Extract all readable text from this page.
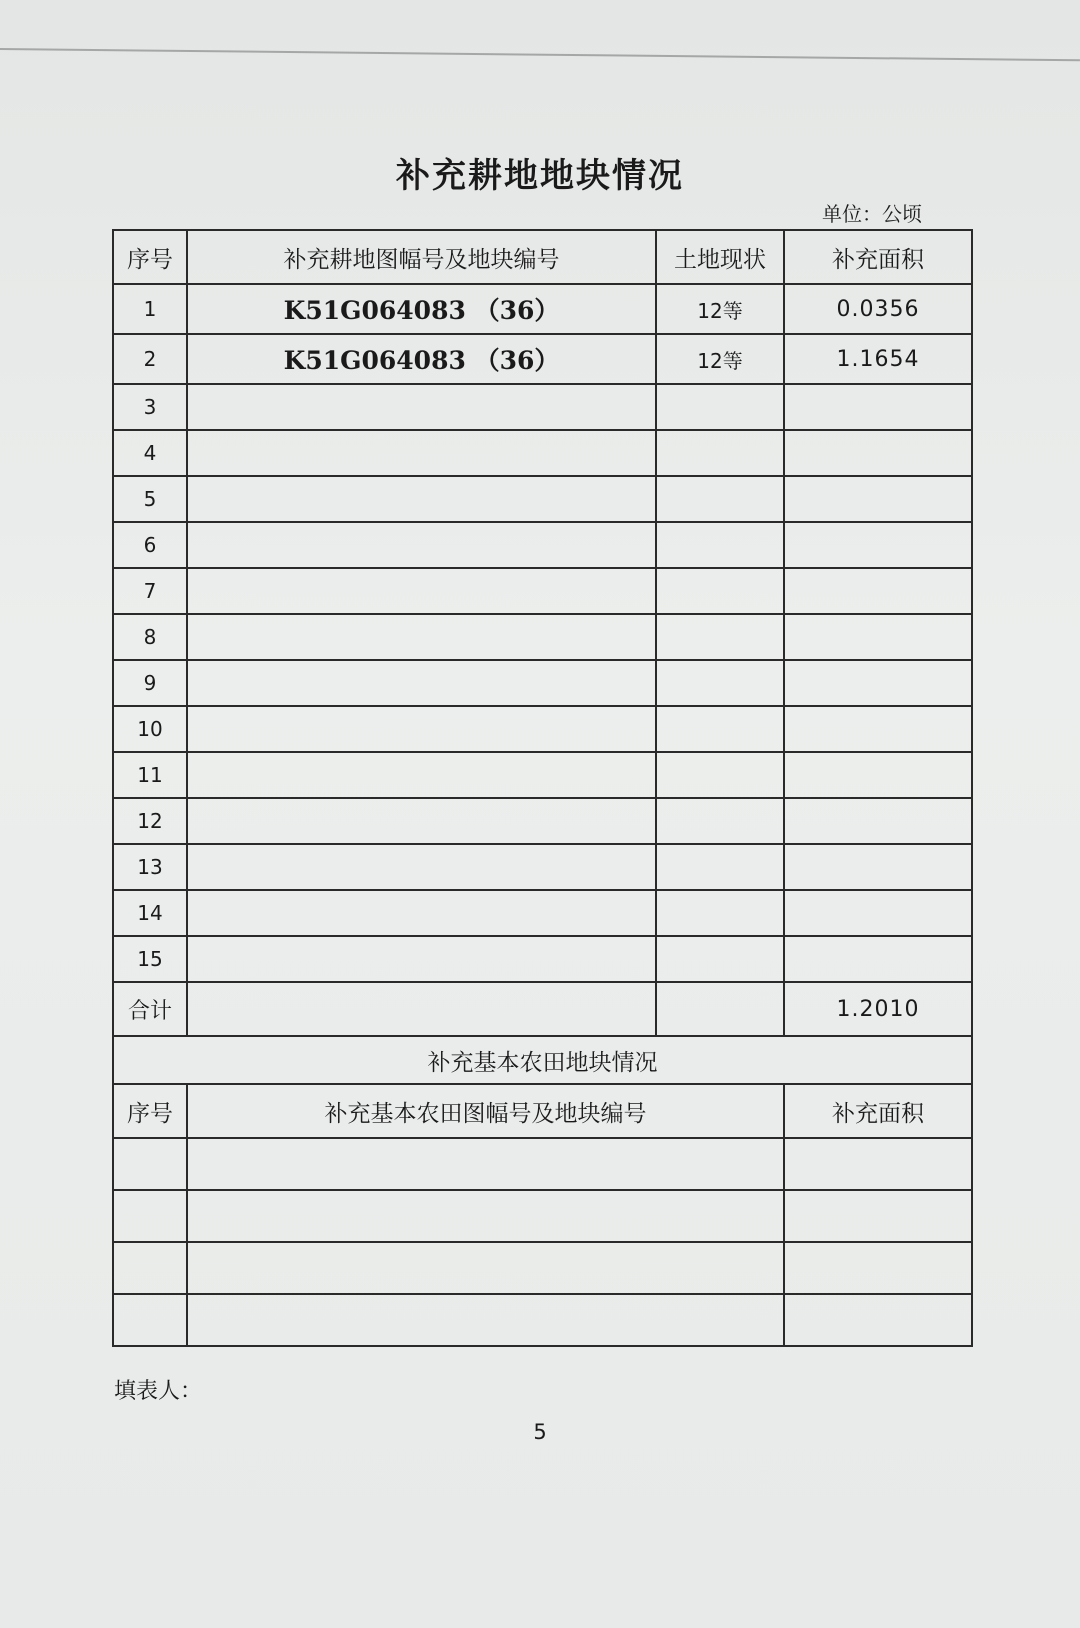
补充耕地地块情况
单位：公顷
序号	补充耕地图幅号及地块编号	土地现状	补充面积
1	K51G064083 （36）	12等	0.0356
2	K51G064083 （36）	12等	1.1654
3			
4			
5			
6			
7			
8			
9			
10			
11			
12			
13			
14			
15			
合计			1.2010
补充基本农田地块情况		
序号	补充基本农田图幅号及地块编号	补充面积

填表人：
5
